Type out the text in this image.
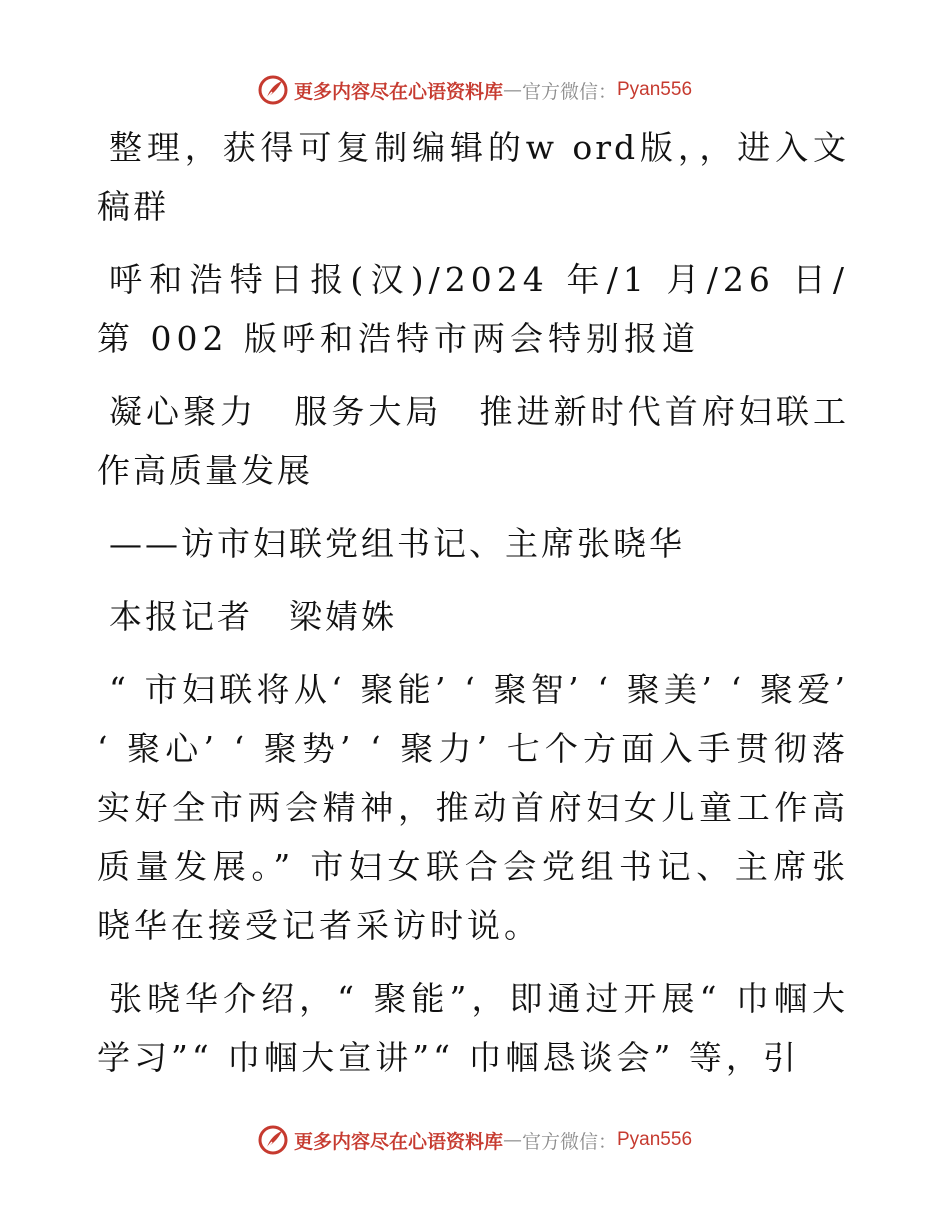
更多内容尽在心语资料库 — 官方微信： Pyan556

整理，获得可复制编辑的w ord版，，进入文稿群

呼和浩特日报(汉)/2024 年/1 月/26 日/第 002 版呼和浩特市两会特别报道

凝心聚力　服务大局　推进新时代首府妇联工作高质量发展

——访市妇联党组书记、主席张晓华

本报记者　梁婧姝

“ 市妇联将从‘ 聚能’ ‘ 聚智’ ‘ 聚美’ ‘ 聚爱’ ‘ 聚心’ ‘ 聚势’ ‘ 聚力’ 七个方面入手贯彻落实好全市两会精神，推动首府妇女儿童工作高质量发展。” 市妇女联合会党组书记、主席张晓华在接受记者采访时说。

张晓华介绍，“ 聚能”，即通过开展“ 巾帼大学习”“ 巾帼大宣讲”“ 巾帼恳谈会” 等，引

更多内容尽在心语资料库 — 官方微信： Pyan556
